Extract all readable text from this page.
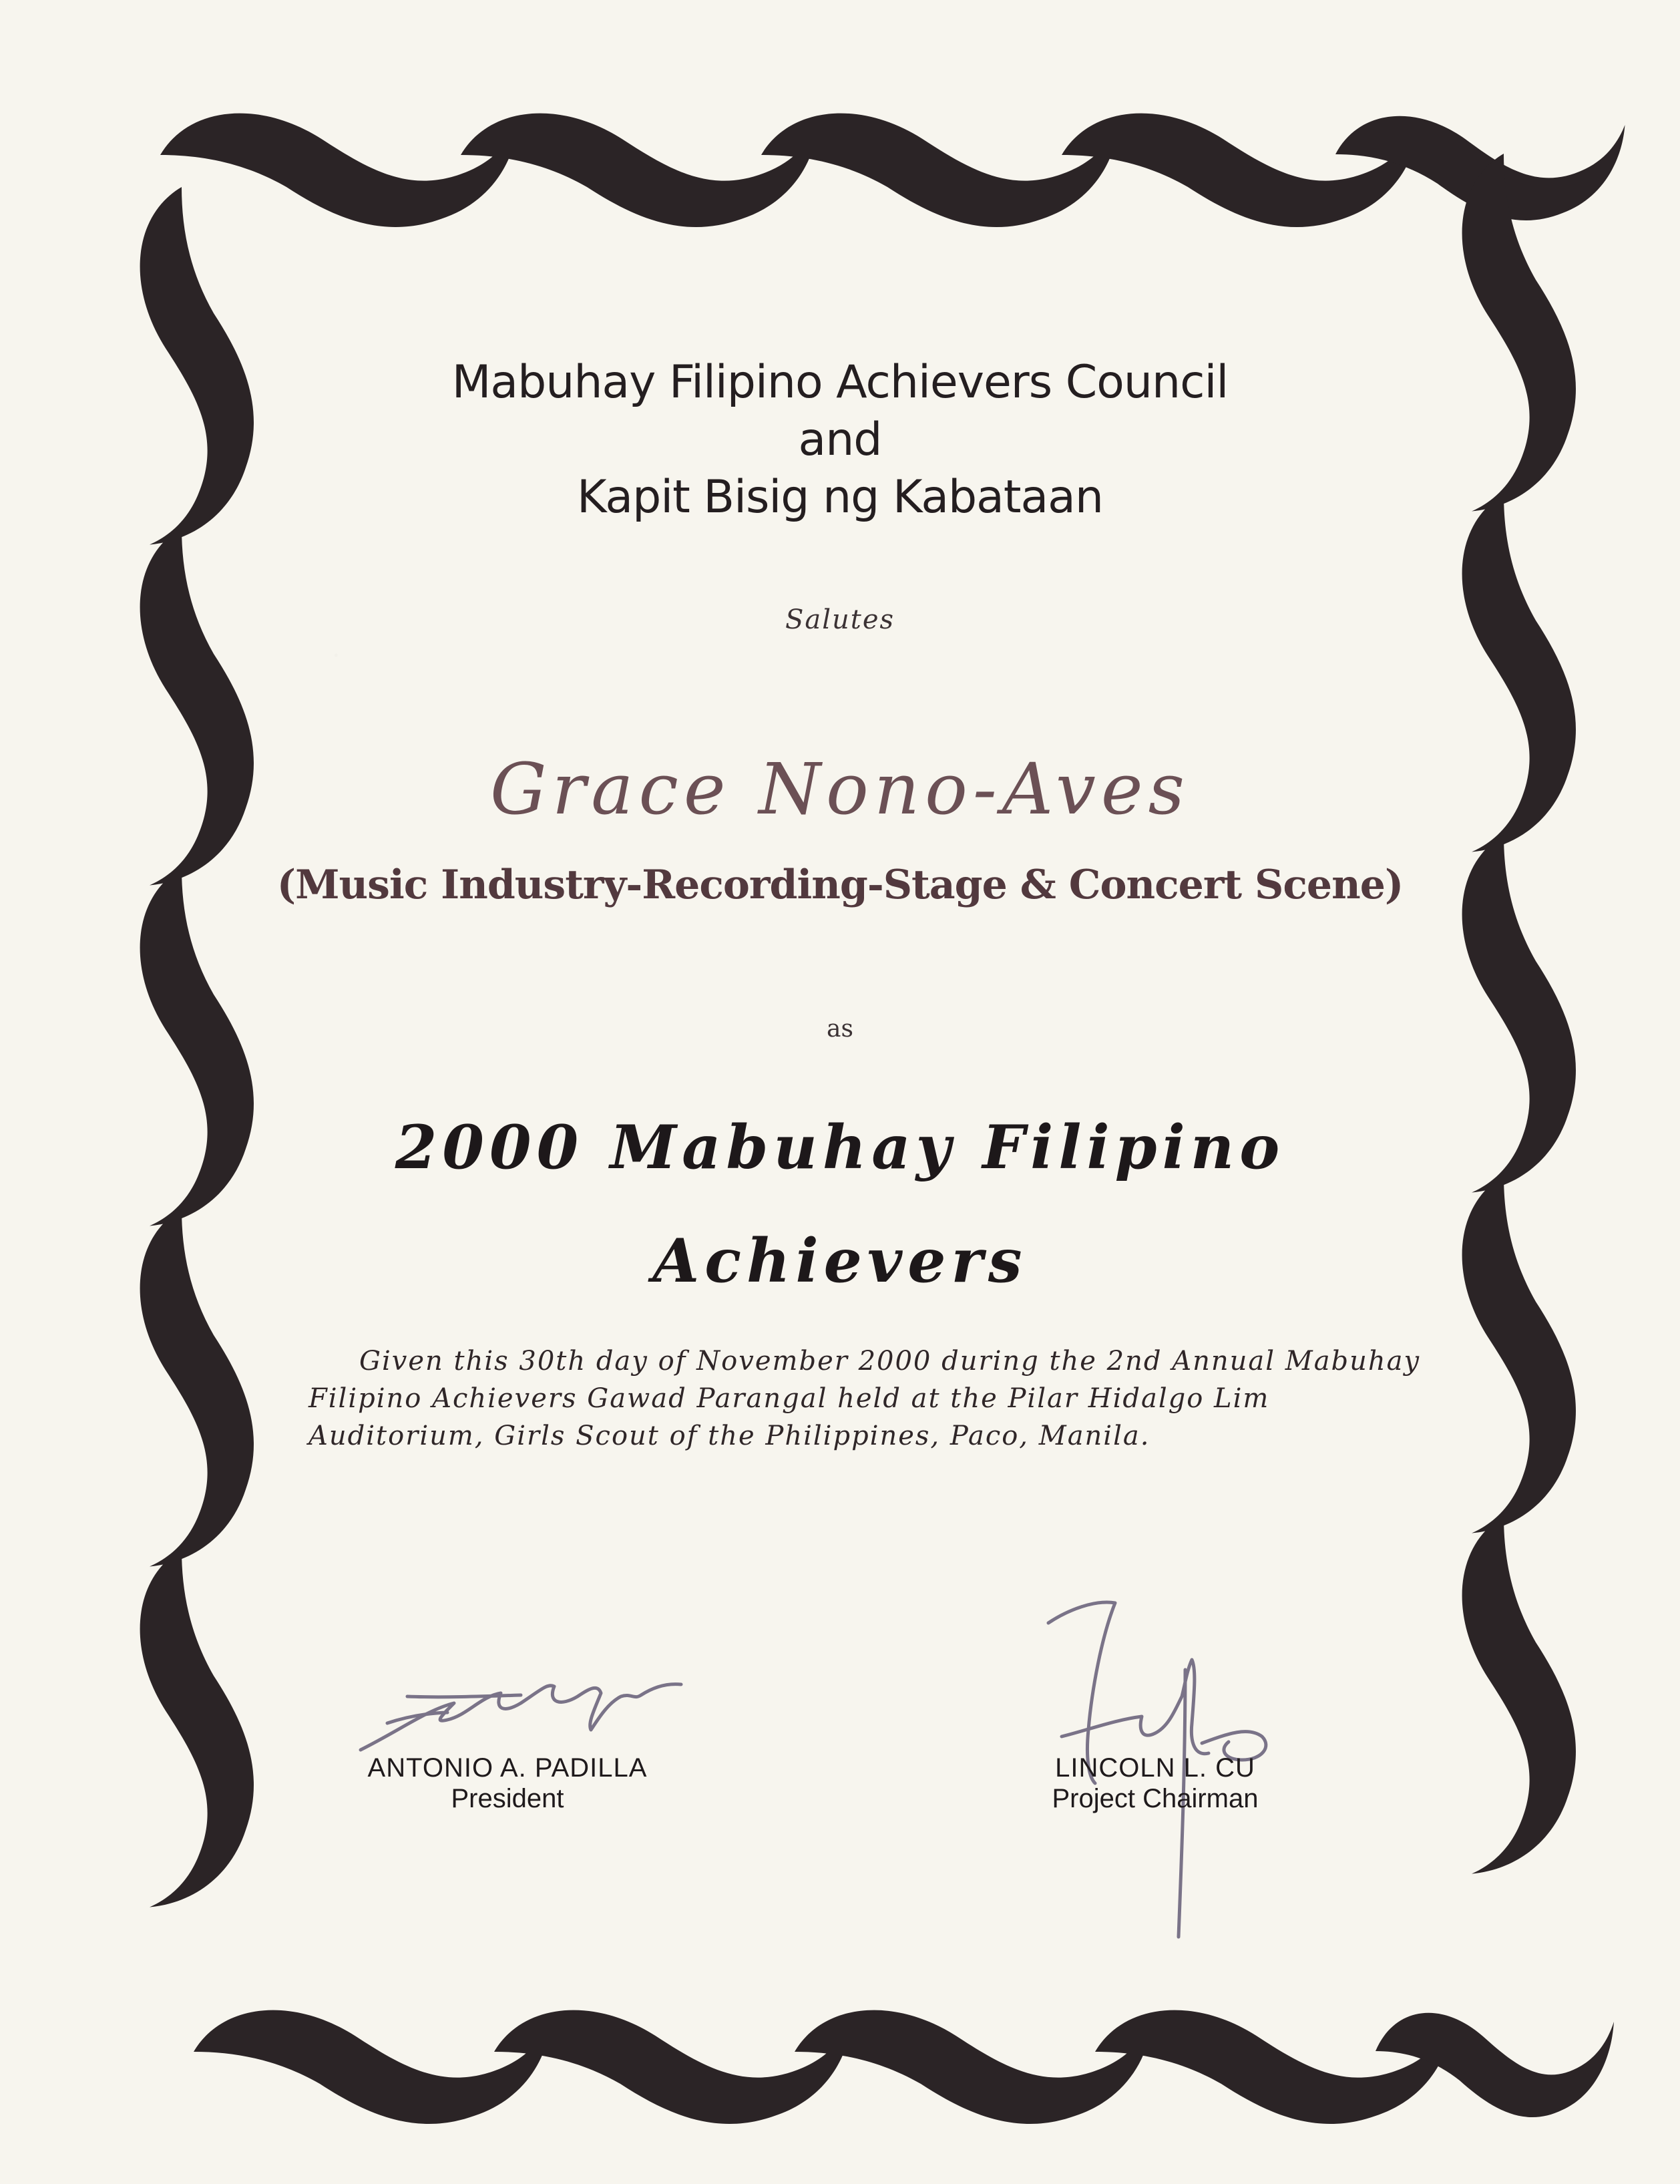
Mabuhay Filipino Achievers Council
and
Kapit Bisig ng Kabataan

Salutes

Grace Nono-Aves

(Music Industry-Recording-Stage & Concert Scene)

as

2000 Mabuhay Filipino

Achievers

Given this 30th day of November 2000 during the 2nd Annual Mabuhay
Filipino Achievers Gawad Parangal held at the Pilar Hidalgo Lim
Auditorium, Girls Scout of the Philippines, Paco, Manila.
ANTONIO A. PADILLA
President
LINCOLN L. CU
Project Chairman
